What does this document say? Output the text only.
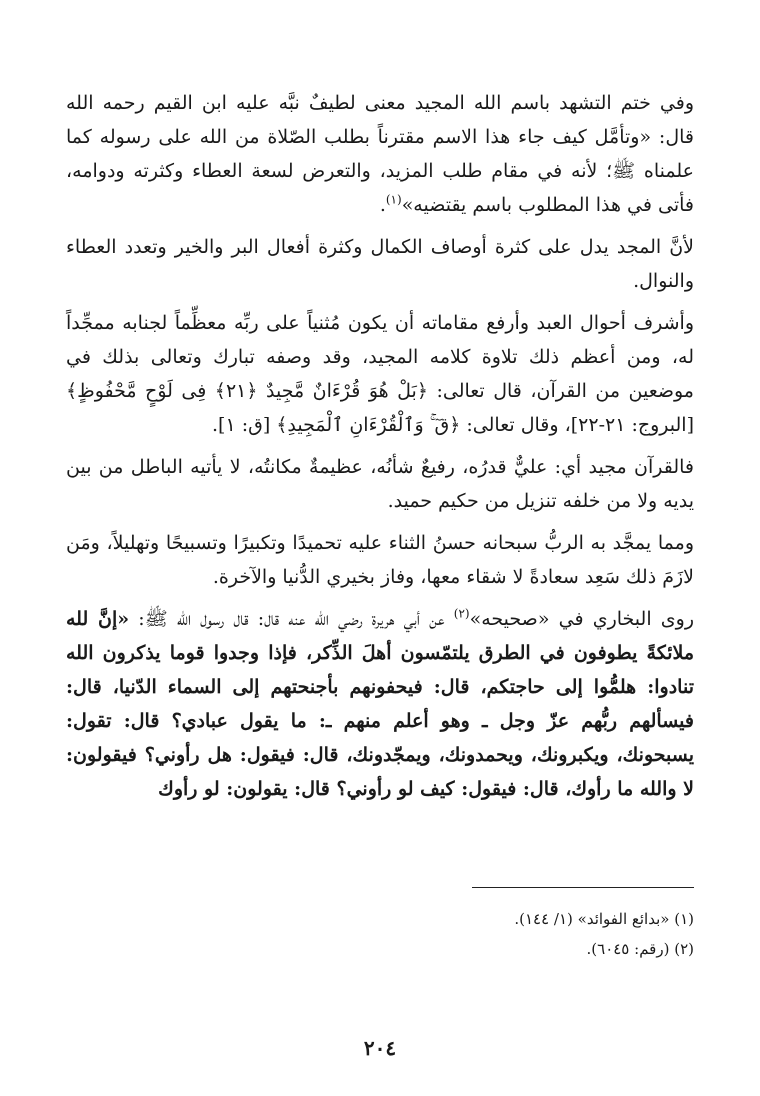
وفي ختم التشهد باسم الله المجيد معنى لطيفٌ نبَّه عليه ابن القيم رحمه الله قال: «وتأمَّل كيف جاء هذا الاسم مقترناً بطلب الصّلاة من الله على رسوله كما علمناه ﷺ؛ لأنه في مقام طلب المزيد، والتعرض لسعة العطاء وكثرته ودوامه، فأتى في هذا المطلوب باسم يقتضيه»$^{(١)}$.

لأنَّ المجد يدل على كثرة أوصاف الكمال وكثرة أفعال البر والخير وتعدد العطاء والنوال.

وأشرف أحوال العبد وأرفع مقاماته أن يكون مُثنياً على ربِّه معظِّماً لجنابه ممجِّداً له، ومن أعظم ذلك تلاوة كلامه المجيد، وقد وصفه تبارك وتعالى بذلك في موضعين من القرآن، قال تعالى: ﴿بَلْ هُوَ قُرْءَانٌ مَّجِيدٌ ﴿٢١﴾ فِى لَوْحٍ مَّحْفُوظٍ﴾ [البروج: ٢١-٢٢]، وقال تعالى: ﴿قٓ ۚ وَٱلْقُرْءَانِ ٱلْمَجِيدِ﴾ [ق: ١].

فالقرآن مجيد أي: عليٌّ قدرُه، رفيعٌ شأنُه، عظيمةٌ مكانتُه، لا يأتيه الباطل من بين يديه ولا من خلفه تنزيل من حكيم حميد.

ومما يمجَّد به الربُّ سبحانه حسنُ الثناء عليه تحميدًا وتكبيرًا وتسبيحًا وتهليلاً، ومَن لازَمَ ذلك سَعِد سعادةً لا شقاء معها، وفاز بخيري الدُّنيا والآخرة.

روى البخاري في «صحيحه»$^{(٢)}$ عن أبي هريرة رضي الله عنه قال: قال رسول الله ﷺ: «إنَّ لله ملائكةً يطوفون في الطرق يلتمّسون أهلَ الذِّكر، فإذا وجدوا قوما يذكرون الله تنادوا: هلمُّوا إلى حاجتكم، قال: فيحفونهم بأجنحتهم إلى السماء الدّنيا، قال: فيسألهم ربُّهم عزّ وجل ـ وهو أعلم منهم ـ: ما يقول عبادي؟ قال: تقول: يسبحونك، ويكبرونك، ويحمدونك، ويمجّدونك، قال: فيقول: هل رأوني؟ فيقولون: لا والله ما رأوك، قال: فيقول: كيف لو رأوني؟ قال: يقولون: لو رأوك

(١) «بدائع الفوائد» (١/ ١٤٤).

(٢) (رقم: ٦٠٤٥).

٢٠٤
